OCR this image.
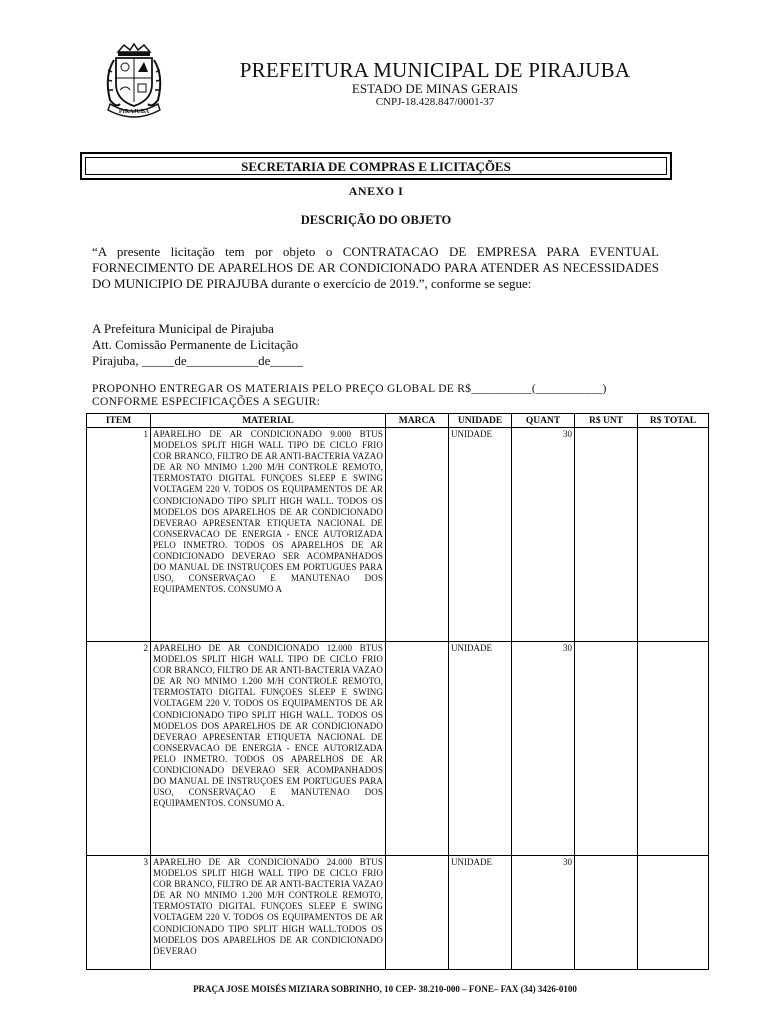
PIRAJUBA
PREFEITURA MUNICIPAL DE PIRAJUBA
ESTADO DE MINAS GERAIS
CNPJ-18.428.847/0001-37
SECRETARIA DE COMPRAS E LICITAÇÕES
ANEXO I
DESCRIÇÃO DO OBJETO
“A presente licitação tem por objeto o CONTRATACAO DE EMPRESA PARA EVENTUAL FORNECIMENTO DE APARELHOS DE AR CONDICIONADO PARA ATENDER AS NECESSIDADES DO MUNICIPIO DE PIRAJUBA durante o exercício de 2019.”, conforme se segue:
A Prefeitura Municipal de Pirajuba
Att. Comissão Permanente de Licitação
Pirajuba, _____de___________de_____
PROPONHO ENTREGAR OS MATERIAIS PELO PREÇO GLOBAL DE R$__________(___________)
CONFORME ESPECIFICAÇÕES A SEGUIR:
ITEM	MATERIAL	MARCA	UNIDADE	QUANT	R$ UNT	R$ TOTAL
1	APARELHO DE AR CONDICIONADO 9.000 BTUS MODELOS SPLIT HIGH WALL TIPO DE CICLO FRIO COR BRANCO, FILTRO DE AR ANTI-BACTERIA VAZAO DE AR NO MNIMO 1.200 M/H CONTROLE REMOTO, TERMOSTATO DIGITAL FUNÇOES SLEEP E SWING VOLTAGEM 220 V. TODOS OS EQUIPAMENTOS DE AR CONDICIONADO TIPO SPLIT HIGH WALL. TODOS OS MODELOS DOS APARELHOS DE AR CONDICIONADO DEVERAO APRESENTAR ETIQUETA NACIONAL DE CONSERVACAO DE ENERGIA - ENCE AUTORIZADA PELO INMETRO. TODOS OS APARELHOS DE AR CONDICIONADO DEVERAO SER ACOMPANHADOS DO MANUAL DE INSTRUÇOES EM PORTUGUES PARA USO, CONSERVAÇAO E MANUTENAO DOS EQUIPAMENTOS. CONSUMO A		UNIDADE	30		
2	APARELHO DE AR CONDICIONADO 12.000 BTUS MODELOS SPLIT HIGH WALL TIPO DE CICLO FRIO COR BRANCO, FILTRO DE AR ANTI-BACTERIA VAZAO DE AR NO MNIMO 1.200 M/H CONTROLE REMOTO, TERMOSTATO DIGITAL FUNÇOES SLEEP E SWING VOLTAGEM 220 V. TODOS OS EQUIPAMENTOS DE AR CONDICIONADO TIPO SPLIT HIGH WALL. TODOS OS MODELOS DOS APARELHOS DE AR CONDICIONADO DEVERAO APRESENTAR ETIQUETA NACIONAL DE CONSERVACAO DE ENERGIA - ENCE AUTORIZADA PELO INMETRO. TODOS OS APARELHOS DE AR CONDICIONADO DEVERAO SER ACOMPANHADOS DO MANUAL DE INSTRUÇOES EM PORTUGUES PARA USO, CONSERVAÇAO E MANUTENAO DOS EQUIPAMENTOS. CONSUMO A.		UNIDADE	30		
3	APARELHO DE AR CONDICIONADO 24.000 BTUS MODELOS SPLIT HIGH WALL TIPO DE CICLO FRIO COR BRANCO, FILTRO DE AR ANTI-BACTERIA VAZAO DE AR NO MNIMO 1.200 M/H CONTROLE REMOTO, TERMOSTATO DIGITAL FUNÇOES SLEEP E SWING VOLTAGEM 220 V. TODOS OS EQUIPAMENTOS DE AR CONDICIONADO TIPO SPLIT HIGH WALL.TODOS OS MODELOS DOS APARELHOS DE AR CONDICIONADO DEVERAO		UNIDADE	30		
PRAÇA JOSE MOISÉS MIZIARA SOBRINHO, 10 CEP- 38.210-000 – FONE– FAX (34) 3426-0100
